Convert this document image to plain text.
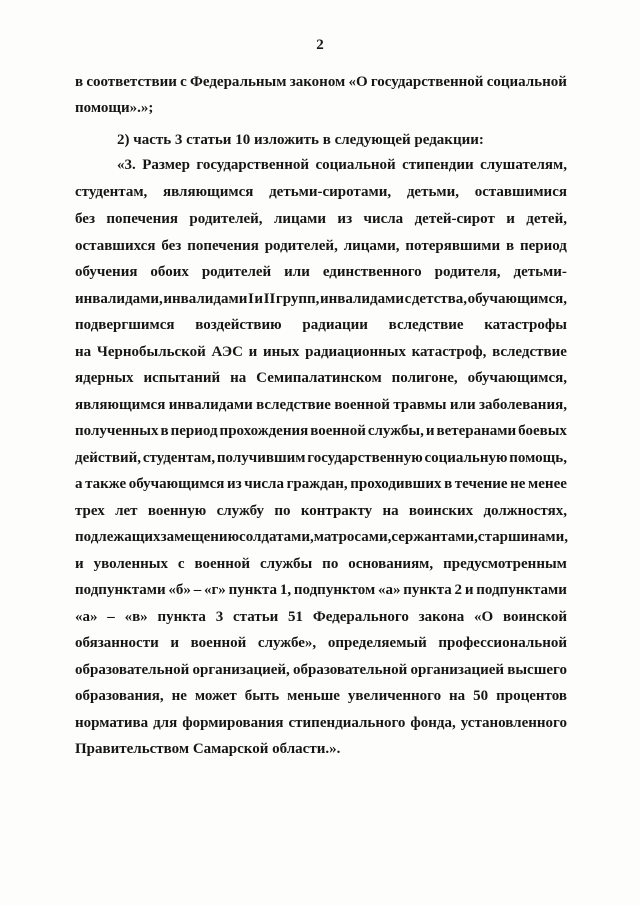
2
в соответствии с Федеральным законом «О государственной социальной
помощи».»;
2) часть 3 статьи 10 изложить в следующей редакции:
«3. Размер государственной социальной стипендии слушателям,
студентам, являющимся детьми-сиротами, детьми, оставшимися
без попечения родителей, лицами из числа детей-сирот и детей,
оставшихся без попечения родителей, лицами, потерявшими в период
обучения обоих родителей или единственного родителя, детьми-
инвалидами, инвалидами I и II групп, инвалидами с детства, обучающимся,
подвергшимся воздействию радиации вследствие катастрофы
на Чернобыльской АЭС и иных радиационных катастроф, вследствие
ядерных испытаний на Семипалатинском полигоне, обучающимся,
являющимся инвалидами вследствие военной травмы или заболевания,
полученных в период прохождения военной службы, и ветеранами боевых
действий, студентам, получившим государственную социальную помощь,
а также обучающимся из числа граждан, проходивших в течение не менее
трех лет военную службу по контракту на воинских должностях,
подлежащих замещению солдатами, матросами, сержантами, старшинами,
и уволенных с военной службы по основаниям, предусмотренным
подпунктами «б» – «г» пункта 1, подпунктом «а» пункта 2 и подпунктами
«а» – «в» пункта 3 статьи 51 Федерального закона «О воинской
обязанности и военной службе», определяемый профессиональной
образовательной организацией, образовательной организацией высшего
образования, не может быть меньше увеличенного на 50 процентов
норматива для формирования стипендиального фонда, установленного
Правительством Самарской области.».
